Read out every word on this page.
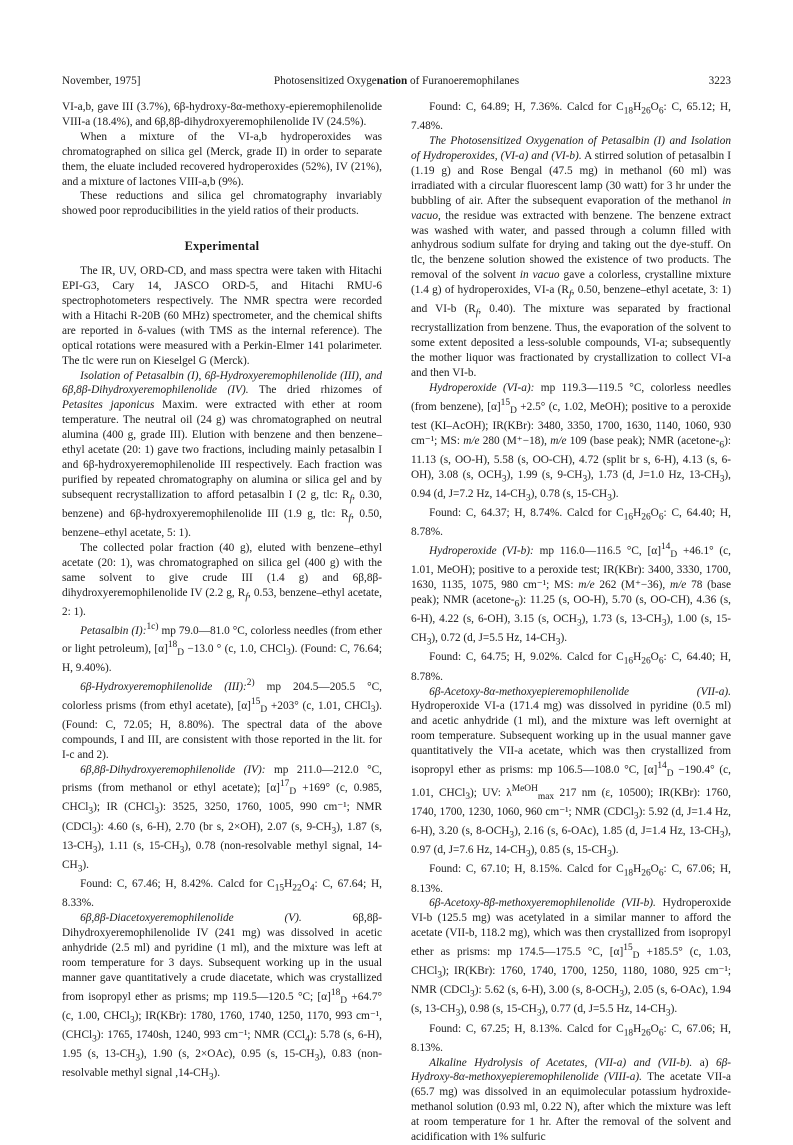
November, 1975]	Photosensitized Oxygenation of Furanoeremophilanes	3223

VI-a,b, gave III (3.7%), 6β-hydroxy-8α-methoxy-epieremophilenolide VIII-a (18.4%), and 6β,8β-dihydroxyeremophilenolide IV (24.5%).

When a mixture of the VI-a,b hydroperoxides was chromatographed on silica gel (Merck, grade II) in order to separate them, the eluate included recovered hydroperoxides (52%), IV (21%), and a mixture of lactones VIII-a,b (9%).

These reductions and silica gel chromatography invariably showed poor reproducibilities in the yield ratios of their products.

Experimental

The IR, UV, ORD-CD, and mass spectra were taken with Hitachi EPI-G3, Cary 14, JASCO ORD-5, and Hitachi RMU-6 spectrophotometers respectively. The NMR spectra were recorded with a Hitachi R-20B (60 MHz) spectrometer, and the chemical shifts are reported in δ-values (with TMS as the internal reference). The optical rotations were measured with a Perkin-Elmer 141 polarimeter. The tlc were run on Kieselgel G (Merck).

Isolation of Petasalbin (I), 6β-Hydroxyeremophilenolide (III), and 6β,8β-Dihydroxyeremophilenolide (IV). The dried rhizomes of Petasites japonicus Maxim. were extracted with ether at room temperature. The neutral oil (24 g) was chromatographed on neutral alumina (400 g, grade III). Elution with benzene and then benzene–ethyl acetate (20: 1) gave two fractions, including mainly petasalbin I and 6β-hydroxyeremophilenolide III respectively. Each fraction was purified by repeated chromatography on alumina or silica gel and by subsequent recrystallization to afford petasalbin I (2 g, tlc: $R_f$, 0.30, benzene) and 6β-hydroxyeremophilenolide III (1.9 g, tlc: $R_f$, 0.50, benzene–ethyl acetate, 5: 1).

The collected polar fraction (40 g), eluted with benzene–ethyl acetate (20: 1), was chromatographed on silica gel (400 g) with the same solvent to give crude III (1.4 g) and 6β,8β-dihydroxyeremophilenolide IV (2.2 g, $R_f$, 0.53, benzene–ethyl acetate, 2: 1).

Petasalbin (I):$^{1c)}$ mp 79.0—81.0 °C, colorless needles (from ether or light petroleum), $[\alpha]^{18}_D -13.0$ ° (c, 1.0, CHCl$_3$). (Found: C, 76.64; H, 9.40%).

6β-Hydroxyeremophilenolide (III):$^{2)}$ mp 204.5—205.5 °C, colorless prisms (from ethyl acetate), $[\alpha]^{15}_D +203^\circ$ (c, 1.01, CHCl$_3$). (Found: C, 72.05; H, 8.80%). The spectral data of the above compounds, I and III, are consistent with those reported in the lit. for I-c and 2).

6β,8β-Dihydroxyeremophilenolide (IV): mp 211.0—212.0 °C, prisms (from methanol or ethyl acetate); $[\alpha]^{17}_D +169^\circ$ (c, 0.985, CHCl$_3$); IR (CHCl$_3$): 3525, 3250, 1760, 1005, 990 cm⁻¹; NMR (CDCl$_3$): 4.60 (s, 6-H), 2.70 (br s, 2×OH), 2.07 (s, $9-CH_3$), 1.87 (s, $13-CH_3$), 1.11 (s, $15-CH_3$), 0.78 (non-resolvable methyl signal, $14-CH_3$).

Found: C, 67.46; H, 8.42%. Calcd for $C_{15}H_{22}O_4$: C, 67.64; H, 8.33%.

6β,8β-Diacetoxyeremophilenolide (V). 6β,8β-Dihydroxyeremophilenolide IV (241 mg) was dissolved in acetic anhydride (2.5 ml) and pyridine (1 ml), and the mixture was left at room temperature for 3 days. Subsequent working up in the usual manner gave quantitatively a crude diacetate, which was crystallized from isopropyl ether as prisms; mp 119.5—120.5 °C; $[\alpha]^{18}_D +64.7^\circ$ (c, 1.00, CHCl$_3$); IR(KBr): 1780, 1760, 1740, 1250, 1170, 993 cm⁻¹, (CHCl$_3$): 1765, 1740sh, 1240, 993 cm⁻¹; NMR (CCl$_4$): 5.78 (s, 6-H), 1.95 (s, $13-CH_3$), 1.90 (s, 2×OAc), 0.95 (s, $15-CH_3$), 0.83 (non-resolvable methyl signal $,14-CH_3$).

Found: C, 64.89; H, 7.36%. Calcd for $C_{18}H_{26}O_6$: C, 65.12; H, 7.48%.

The Photosensitized Oxygenation of Petasalbin (I) and Isolation of Hydroperoxides, (VI-a) and (VI-b). A stirred solution of petasalbin I (1.19 g) and Rose Bengal (47.5 mg) in methanol (60 ml) was irradiated with a circular fluorescent lamp (30 watt) for 3 hr under the bubbling of air. After the subsequent evaporation of the methanol in vacuo, the residue was extracted with benzene. The benzene extract was washed with water, and passed through a column filled with anhydrous sodium sulfate for drying and taking out the dye-stuff. On tlc, the benzene solution showed the existence of two products. The removal of the solvent in vacuo gave a colorless, crystalline mixture (1.4 g) of hydroperoxides, VI-a ($R_f$, 0.50, benzene–ethyl acetate, 3: 1) and VI-b ($R_f$, 0.40). The mixture was separated by fractional recrystallization from benzene. Thus, the evaporation of the solvent to some extent deposited a less-soluble compounds, VI-a; subsequently the mother liquor was fractionated by crystallization to collect VI-a and then VI-b.

Hydroperoxide (VI-a): mp 119.3—119.5 °C, colorless needles (from benzene), $[\alpha]^{15}_D +2.5^\circ$ (c, 1.02, MeOH); positive to a peroxide test (KI–AcOH); IR(KBr): 3480, 3350, 1700, 1630, 1140, 1060, 930 cm⁻¹; MS: m/e 280 (M⁺−18), m/e 109 (base peak); NMR $(acetone-_6)$: 11.13 (s, OO-H), 5.58 (s, OO-CH), 4.72 (split br s, 6-H), 4.13 (s, 6-OH), 3.08 (s, $OCH_3$), 1.99 (s, $9-CH_3$), 1.73 (d, J=1.0 Hz, $13-CH_3$), 0.94 (d, J=7.2 Hz, $14-CH_3$), 0.78 (s, $15-CH_3$).

Found: C, 64.37; H, 8.74%. Calcd for $C_{16}H_{26}O_6$: C, 64.40; H, 8.78%.

Hydroperoxide (VI-b): mp 116.0—116.5 °C, $[\alpha]^{14}_D +46.1^\circ$ (c, 1.01, MeOH); positive to a peroxide test; IR(KBr): 3400, 3330, 1700, 1630, 1135, 1075, 980 cm⁻¹; MS: m/e 262 (M⁺−36), m/e 78 (base peak); NMR $(acetone-_6)$: 11.25 (s, OO-H), 5.70 (s, OO-CH), 4.36 (s, 6-H), 4.22 (s, 6-OH), 3.15 (s, $OCH_3$), 1.73 (s, $13-CH_3$), 1.00 (s, $15-CH_3$), 0.72 (d, J=5.5 Hz, $14-CH_3$).

Found: C, 64.75; H, 9.02%. Calcd for $C_{16}H_{26}O_6$: C, 64.40; H, 8.78%.

6β-Acetoxy-8α-methoxyepieremophilenolide (VII-a). Hydroperoxide VI-a (171.4 mg) was dissolved in pyridine (0.5 ml) and acetic anhydride (1 ml), and the mixture was left overnight at room temperature. Subsequent working up in the usual manner gave quantitatively the VII-a acetate, which was then crystallized from isopropyl ether as prisms: mp 106.5—108.0 °C, $[\alpha]^{14}_D -190.4^\circ$ (c, 1.01, CHCl$_3$); UV: $\lambda^{MeOH}_{max}$ 217 nm (ε, 10500); IR(KBr): 1760, 1740, 1700, 1230, 1060, 960 cm⁻¹; NMR (CDCl$_3$): 5.92 (d, J=1.4 Hz, 6-H), 3.20 (s, $8-OCH_3$), 2.16 (s, 6-OAc), 1.85 (d, J=1.4 Hz, $13-CH_3$), 0.97 (d, J=7.6 Hz, $14-CH_3$), 0.85 (s, $15-CH_3$).

Found: C, 67.10; H, 8.15%. Calcd for $C_{18}H_{26}O_6$: C, 67.06; H, 8.13%.

6β-Acetoxy-8β-methoxyeremophilenolide (VII-b). Hydroperoxide VI-b (125.5 mg) was acetylated in a similar manner to afford the acetate (VII-b, 118.2 mg), which was then crystallized from isopropyl ether as prisms: mp 174.5—175.5 °C, $[\alpha]^{15}_D +185.5^\circ$ (c, 1.03, CHCl$_3$); IR(KBr): 1760, 1740, 1700, 1250, 1180, 1080, 925 cm⁻¹; NMR (CDCl$_3$): 5.62 (s, 6-H), 3.00 (s, $8-OCH_3$), 2.05 (s, 6-OAc), 1.94 (s, $13-CH_3$), 0.98 (s, $15-CH_3$), 0.77 (d, J=5.5 Hz, $14-CH_3$).

Found: C, 67.25; H, 8.13%. Calcd for $C_{18}H_{26}O_6$: C, 67.06; H, 8.13%.

Alkaline Hydrolysis of Acetates, (VII-a) and (VII-b). a) 6β-Hydroxy-8α-methoxyepieremophilenolide (VIII-a). The acetate VII-a (65.7 mg) was dissolved in an equimolecular potassium hydroxide-methanol solution (0.93 ml, 0.22 N), after which the mixture was left at room temperature for 1 hr. After the removal of the solvent and acidification with 1% sulfuric
